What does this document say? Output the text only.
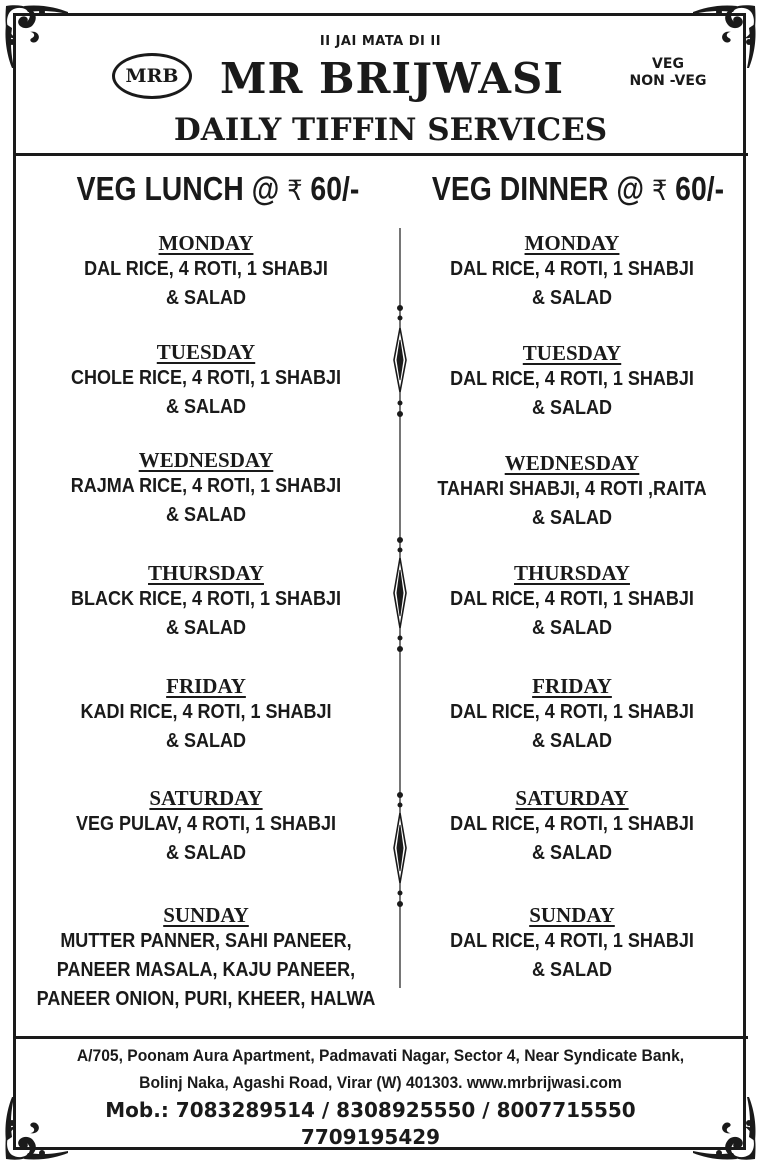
II JAI MATA DI II
MRB MR BRIJWASI	VEG
NON -VEG
DAILY TIFFIN SERVICES
VEG LUNCH @ ₹ 60/-	VEG DINNER @ ₹ 60/-
MONDAY
DAL RICE, 4 ROTI, 1 SHABJI
& SALAD
TUESDAY
CHOLE RICE, 4 ROTI, 1 SHABJI
& SALAD
WEDNESDAY
RAJMA RICE, 4 ROTI, 1 SHABJI
& SALAD
THURSDAY
BLACK RICE, 4 ROTI, 1 SHABJI
& SALAD
FRIDAY
KADI RICE, 4 ROTI, 1 SHABJI
& SALAD
SATURDAY
VEG PULAV, 4 ROTI, 1 SHABJI
& SALAD
SUNDAY
MUTTER PANNER, SAHI PANEER,
PANEER MASALA, KAJU PANEER,
PANEER ONION, PURI, KHEER, HALWA
MONDAY
DAL RICE, 4 ROTI, 1 SHABJI
& SALAD
TUESDAY
DAL RICE, 4 ROTI, 1 SHABJI
& SALAD
WEDNESDAY
TAHARI SHABJI, 4 ROTI ,RAITA
& SALAD
THURSDAY
DAL RICE, 4 ROTI, 1 SHABJI
& SALAD
FRIDAY
DAL RICE, 4 ROTI, 1 SHABJI
& SALAD
SATURDAY
DAL RICE, 4 ROTI, 1 SHABJI
& SALAD
SUNDAY
DAL RICE, 4 ROTI, 1 SHABJI
& SALAD
A/705, Poonam Aura Apartment, Padmavati Nagar, Sector 4, Near Syndicate Bank,
Bolinj Naka, Agashi Road, Virar (W) 401303. www.mrbrijwasi.com
Mob.: 7083289514 / 8308925550 / 8007715550
7709195429
